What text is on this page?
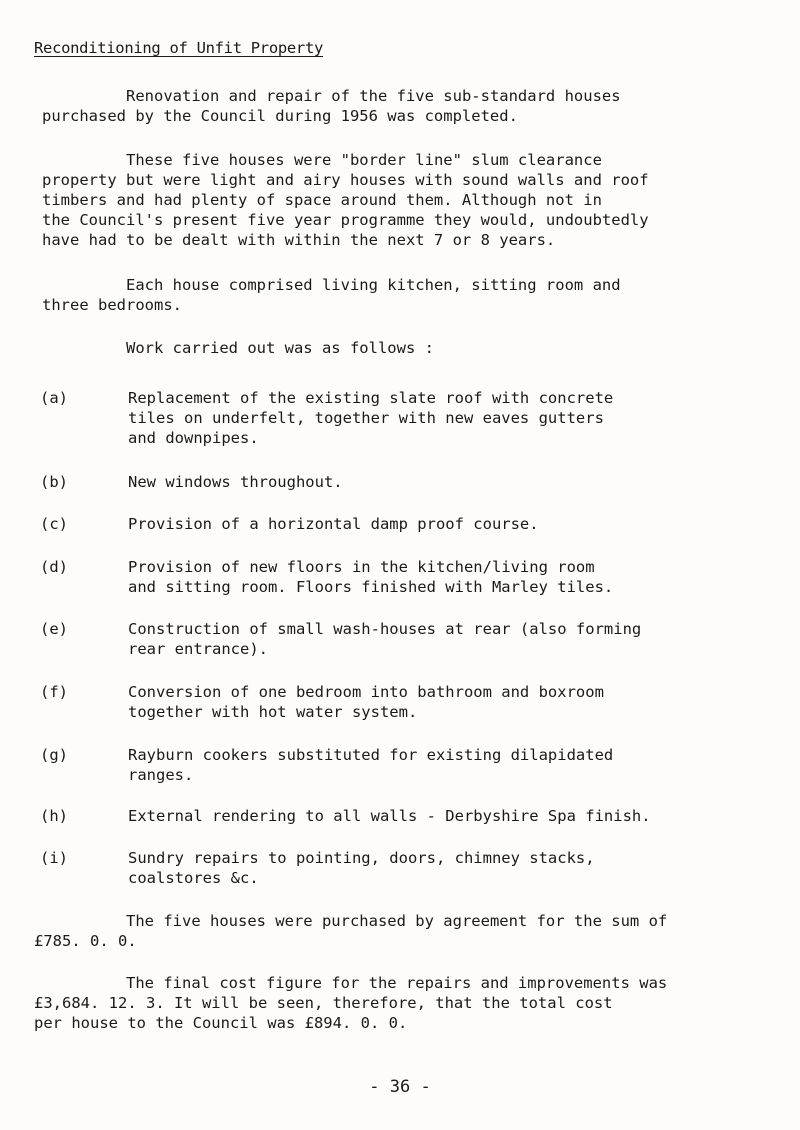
Reconditioning of Unfit Property
Renovation and repair of the five sub-standard houses
purchased by the Council during 1956 was completed.
These five houses were "border line" slum clearance
property but were light and airy houses with sound walls and roof
timbers and had plenty of space around them. Although not in
the Council's present five year programme they would, undoubtedly
have had to be dealt with within the next 7 or 8 years.
Each house comprised living kitchen, sitting room and
three bedrooms.
Work carried out was as follows :
(a)	Replacement of the existing slate roof with concrete
tiles on underfelt, together with new eaves gutters
and downpipes.
(b)	New windows throughout.
(c)	Provision of a horizontal damp proof course.
(d)	Provision of new floors in the kitchen/living room
and sitting room. Floors finished with Marley tiles.
(e)	Construction of small wash-houses at rear (also forming
rear entrance).
(f)	Conversion of one bedroom into bathroom and boxroom
together with hot water system.
(g)	Rayburn cookers substituted for existing dilapidated
ranges.
(h)	External rendering to all walls - Derbyshire Spa finish.
(i)	Sundry repairs to pointing, doors, chimney stacks,
coalstores &c.
The five houses were purchased by agreement for the sum of
£785. 0. 0.
The final cost figure for the repairs and improvements was
£3,684. 12. 3. It will be seen, therefore, that the total cost
per house to the Council was £894. 0. 0.
- 36 -
